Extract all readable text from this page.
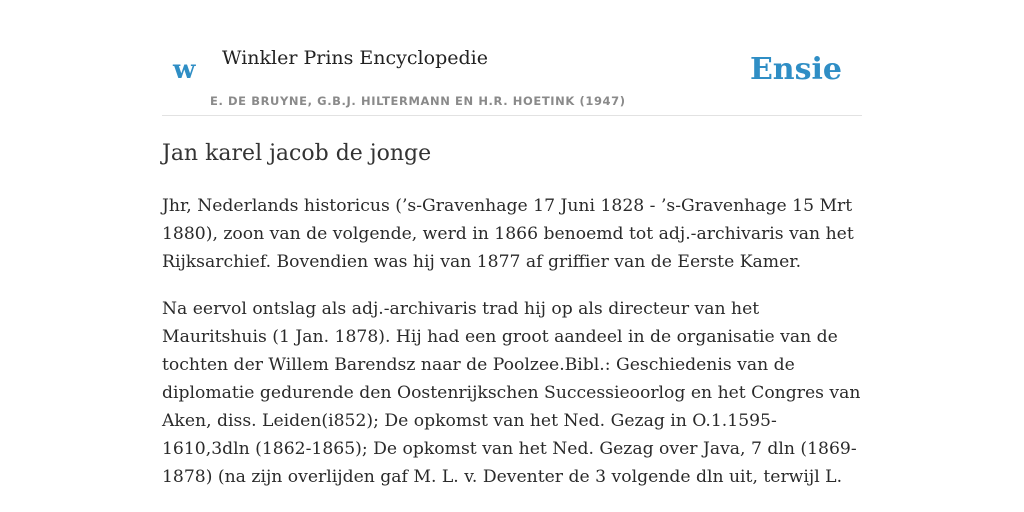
w Winkler Prins Encyclopedie
E. DE BRUYNE, G.B.J. HILTERMANN EN H.R. HOETINK (1947)
Ensie
Jan karel jacob de jonge

Jhr, Nederlands historicus (’s-Gravenhage 17 Juni 1828 - ’s-Gravenhage 15 Mrt 1880), zoon van de volgende, werd in 1866 benoemd tot adj.-archivaris van het Rijksarchief. Bovendien was hij van 1877 af griffier van de Eerste Kamer.

Na eervol ontslag als adj.-archivaris trad hij op als directeur van het Mauritshuis (1 Jan. 1878). Hij had een groot aandeel in de organisatie van de tochten der Willem Barendsz naar de Poolzee.Bibl.: Geschiedenis van de diplomatie gedurende den Oostenrijkschen Successieoorlog en het Congres van Aken, diss. Leiden(i852); De opkomst van het Ned. Gezag in O.1.1595-1610,3dln (1862-1865); De opkomst van het Ned. Gezag over Java, 7 dln (1869-1878) (na zijn overlijden gaf M. L. v. Deventer de 3 volgende dln uit, terwijl L.
